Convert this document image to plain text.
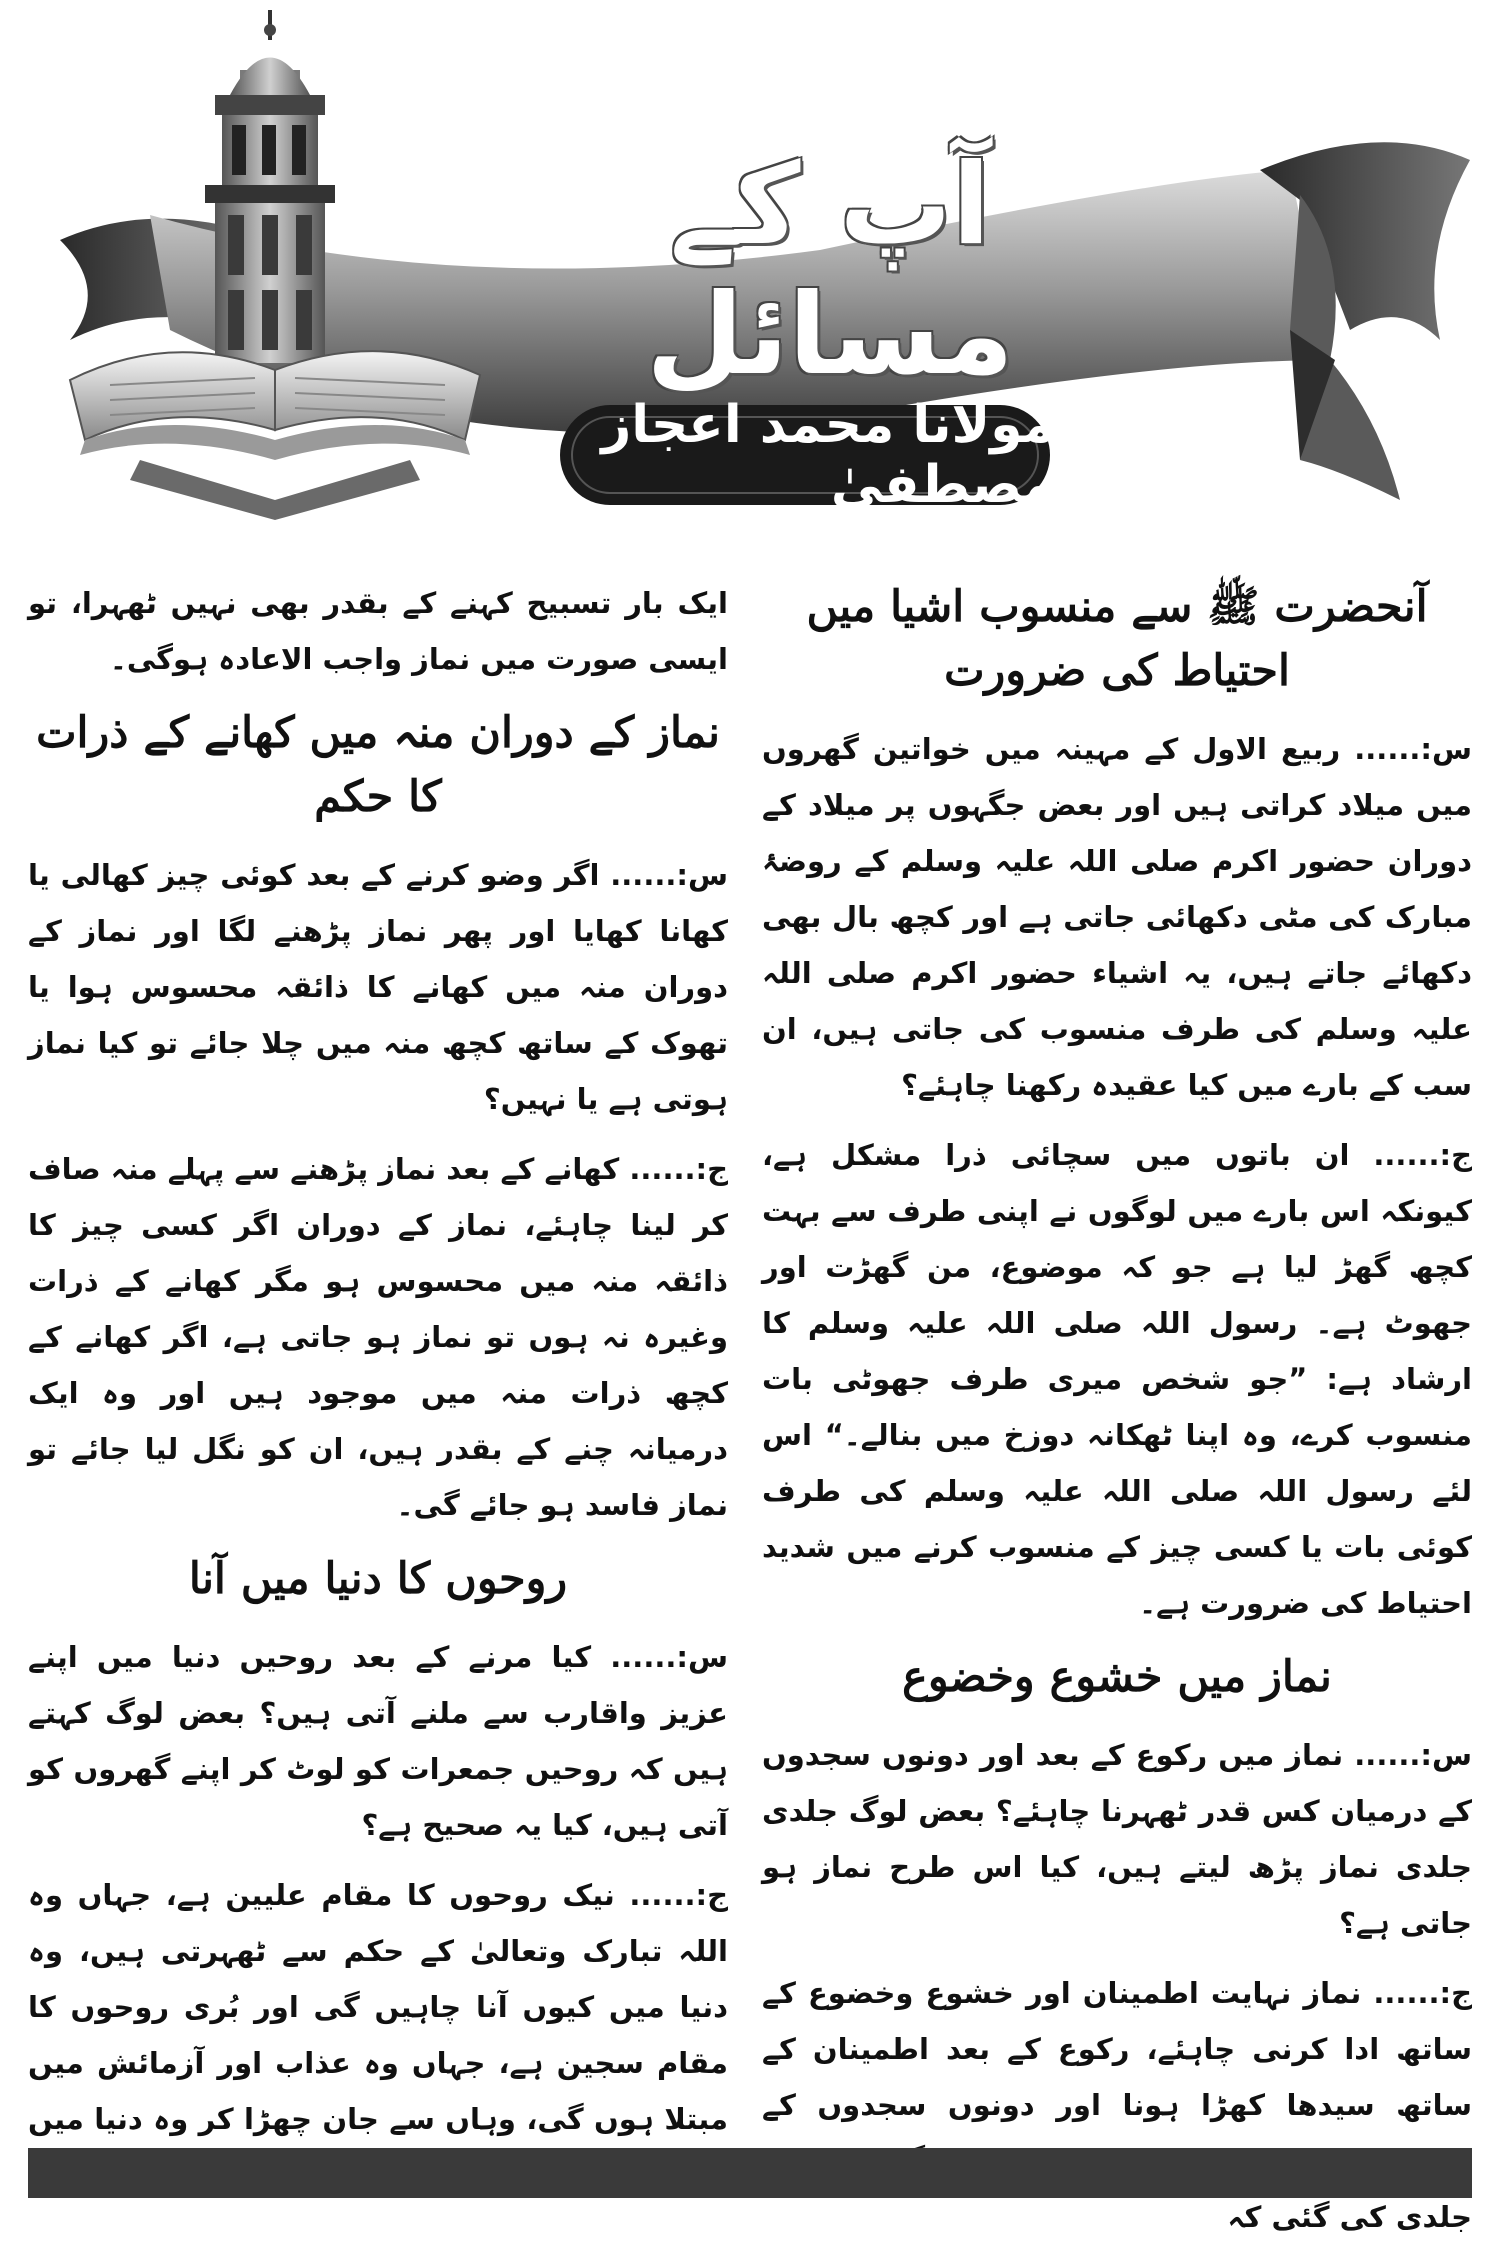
آپ کے مسائل
مولانا محمد اعجاز مصطفیٰ
آنحضرت ﷺ سے منسوب اشیا میں احتیاط کی ضرورت

س:...... ربیع الاول کے مہینہ میں خواتین گھروں میں میلاد کراتی ہیں اور بعض جگہوں پر میلاد کے دوران حضور اکرم صلی اللہ علیہ وسلم کے روضۂ مبارک کی مٹی دکھائی جاتی ہے اور کچھ بال بھی دکھائے جاتے ہیں، یہ اشیاء حضور اکرم صلی اللہ علیہ وسلم کی طرف منسوب کی جاتی ہیں، ان سب کے بارے میں کیا عقیدہ رکھنا چاہئے؟

ج:...... ان باتوں میں سچائی ذرا مشکل ہے، کیونکہ اس بارے میں لوگوں نے اپنی طرف سے بہت کچھ گھڑ لیا ہے جو کہ موضوع، من گھڑت اور جھوٹ ہے۔ رسول اللہ صلی اللہ علیہ وسلم کا ارشاد ہے: ”جو شخص میری طرف جھوٹی بات منسوب کرے، وہ اپنا ٹھکانہ دوزخ میں بنالے۔“ اس لئے رسول اللہ صلی اللہ علیہ وسلم کی طرف کوئی بات یا کسی چیز کے منسوب کرنے میں شدید احتیاط کی ضرورت ہے۔

نماز میں خشوع وخضوع

س:...... نماز میں رکوع کے بعد اور دونوں سجدوں کے درمیان کس قدر ٹھہرنا چاہئے؟ بعض لوگ جلدی جلدی نماز پڑھ لیتے ہیں، کیا اس طرح نماز ہو جاتی ہے؟

ج:...... نماز نہایت اطمینان اور خشوع وخضوع کے ساتھ ادا کرنی چاہئے، رکوع کے بعد اطمینان کے ساتھ سیدھا کھڑا ہونا اور دونوں سجدوں کے جلدی کی گئی کہ

ایک بار تسبیح کہنے کے بقدر بھی نہیں ٹھہرا، تو ایسی صورت میں نماز واجب الاعادہ ہوگی۔

نماز کے دوران منہ میں کھانے کے ذرات کا حکم

س:...... اگر وضو کرنے کے بعد کوئی چیز کھالی یا کھانا کھایا اور پھر نماز پڑھنے لگا اور نماز کے دوران منہ میں کھانے کا ذائقہ محسوس ہوا یا تھوک کے ساتھ کچھ منہ میں چلا جائے تو کیا نماز ہوتی ہے یا نہیں؟

ج:...... کھانے کے بعد نماز پڑھنے سے پہلے منہ صاف کر لینا چاہئے، نماز کے دوران اگر کسی چیز کا ذائقہ منہ میں محسوس ہو مگر کھانے کے ذرات وغیرہ نہ ہوں تو نماز ہو جاتی ہے، اگر کھانے کے کچھ ذرات منہ میں موجود ہیں اور وہ ایک درمیانہ چنے کے بقدر ہیں، ان کو نگل لیا جائے تو نماز فاسد ہو جائے گی۔

روحوں کا دنیا میں آنا

س:...... کیا مرنے کے بعد روحیں دنیا میں اپنے عزیز واقارب سے ملنے آتی ہیں؟ بعض لوگ کہتے ہیں کہ روحیں جمعرات کو لوٹ کر اپنے گھروں کو آتی ہیں، کیا یہ صحیح ہے؟

ج:...... نیک روحوں کا مقام علیین ہے، جہاں وہ اللہ تبارک وتعالیٰ کے حکم سے ٹھہرتی ہیں، وہ دنیا میں کیوں آنا چاہیں گی اور بُری روحوں کا مقام سجین ہے، جہاں وہ عذاب اور آزمائش میں مبتلا ہوں گی، وہاں سے جان چھڑا کر وہ دنیا میں
